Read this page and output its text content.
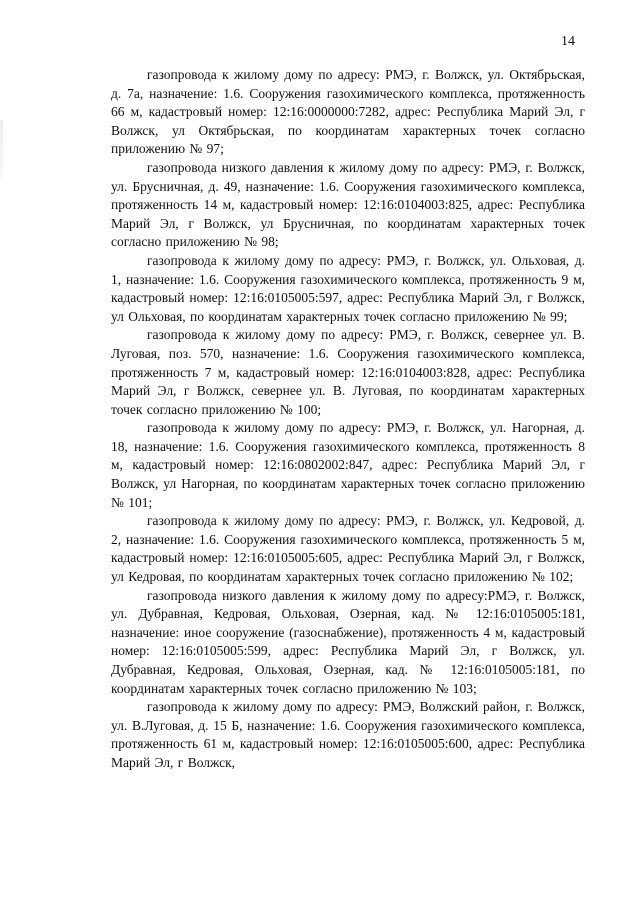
14

газопровода к жилому дому по адресу: РМЭ, г. Волжск, ул. Октябрьская, д. 7а, назначение: 1.6. Сооружения газохимического комплекса, протяженность 66 м, кадастровый номер: 12:16:0000000:7282, адрес: Республика Марий Эл, г Волжск, ул Октябрьская, по координатам характерных точек согласно приложению № 97;

газопровода низкого давления к жилому дому по адресу: РМЭ, г. Волжск, ул. Брусничная, д. 49, назначение: 1.6. Сооружения газохимического комплекса, протяженность 14 м, кадастровый номер: 12:16:0104003:825, адрес: Республика Марий Эл, г Волжск, ул Брусничная, по координатам характерных точек согласно приложению № 98;

газопровода к жилому дому по адресу: РМЭ, г. Волжск, ул. Ольховая, д. 1, назначение: 1.6. Сооружения газохимического комплекса, протяженность 9 м, кадастровый номер: 12:16:0105005:597, адрес: Республика Марий Эл, г Волжск, ул Ольховая, по координатам характерных точек согласно приложению № 99;

газопровода к жилому дому по адресу: РМЭ, г. Волжск, севернее ул. В. Луговая, поз. 570, назначение: 1.6. Сооружения газохимического комплекса, протяженность 7 м, кадастровый номер: 12:16:0104003:828, адрес: Республика Марий Эл, г Волжск, севернее ул. В. Луговая, по координатам характерных точек согласно приложению № 100;

газопровода к жилому дому по адресу: РМЭ, г. Волжск, ул. Нагорная, д. 18, назначение: 1.6. Сооружения газохимического комплекса, протяженность 8 м, кадастровый номер: 12:16:0802002:847, адрес: Республика Марий Эл, г Волжск, ул Нагорная, по координатам характерных точек согласно приложению № 101;

газопровода к жилому дому по адресу: РМЭ, г. Волжск, ул. Кедровой, д. 2, назначение: 1.6. Сооружения газохимического комплекса, протяженность 5 м, кадастровый номер: 12:16:0105005:605, адрес: Республика Марий Эл, г Волжск, ул Кедровая, по координатам характерных точек согласно приложению № 102;

газопровода низкого давления к жилому дому по адресу:РМЭ, г. Волжск, ул. Дубравная, Кедровая, Ольховая, Озерная, кад. № 12:16:0105005:181, назначение: иное сооружение (газоснабжение), протяженность 4 м, кадастровый номер: 12:16:0105005:599, адрес: Республика Марий Эл, г Волжск, ул. Дубравная, Кедровая, Ольховая, Озерная, кад. № 12:16:0105005:181, по координатам характерных точек согласно приложению № 103;

газопровода к жилому дому по адресу: РМЭ, Волжский район, г. Волжск, ул. В.Луговая, д. 15 Б, назначение: 1.6. Сооружения газохимического комплекса, протяженность 61 м, кадастровый номер: 12:16:0105005:600, адрес: Республика Марий Эл, г Волжск,
